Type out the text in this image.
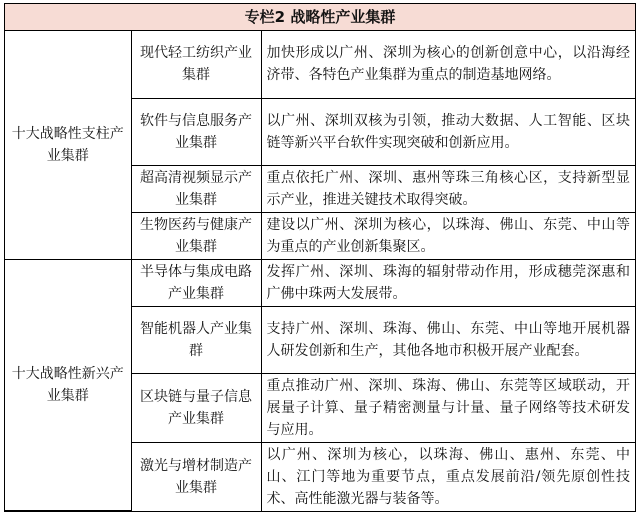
专栏2 战略性产业集群
十大战略性支柱产业集群	现代轻工纺织产业集群	加快形成以广州、深圳为核心的创新创意中心，以沿海经济带、各特色产业集群为重点的制造基地网络。
	软件与信息服务产业集群	以广州、深圳双核为引领，推动大数据、人工智能、区块链等新兴平台软件实现突破和创新应用。
	超高清视频显示产业集群	重点依托广州、深圳、惠州等珠三角核心区，支持新型显示产业，推进关键技术取得突破。
	生物医药与健康产业集群	建设以广州、深圳为核心，以珠海、佛山、东莞、中山等为重点的产业创新集聚区。
十大战略性新兴产业集群	半导体与集成电路产业集群	发挥广州、深圳、珠海的辐射带动作用，形成穗莞深惠和广佛中珠两大发展带。
	智能机器人产业集群	支持广州、深圳、珠海、佛山、东莞、中山等地开展机器人研发创新和生产，其他各地市积极开展产业配套。
	区块链与量子信息产业集群	重点推动广州、深圳、珠海、佛山、东莞等区域联动，开展量子计算、量子精密测量与计量、量子网络等技术研发与应用。
	激光与增材制造产业集群	以广州、深圳为核心，以珠海、佛山、惠州、东莞、中山、江门等地为重要节点，重点发展前沿/领先原创性技术、高性能激光器与装备等。
